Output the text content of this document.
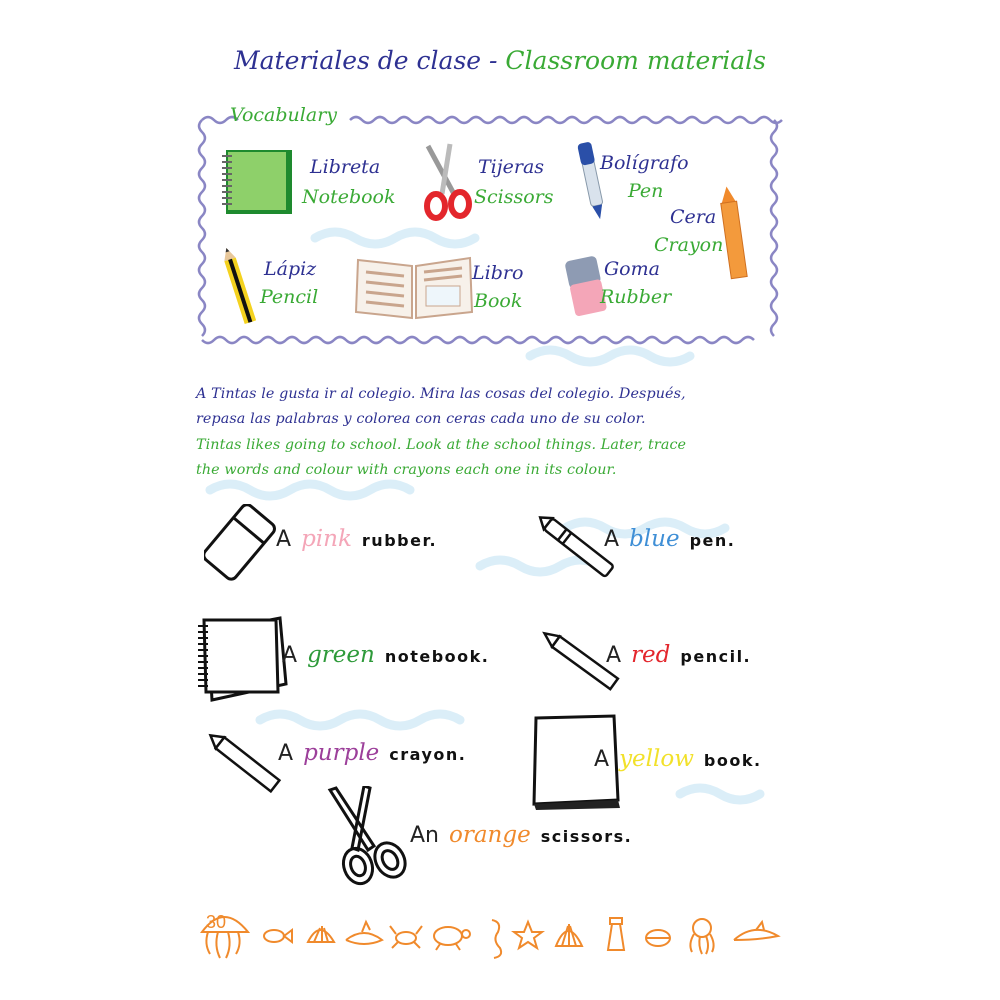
Materiales de clase - Classroom materials
Vocabulary
Libreta
Notebook
Tijeras
Scissors
Bolígrafo
Pen
Cera
Crayon
Lápiz
Pencil
Libro
Book
Goma
Rubber
A Tintas le gusta ir al colegio. Mira las cosas del colegio. Después,
repasa las palabras y colorea con ceras cada uno de su color.
Tintas likes going to school. Look at the school things. Later, trace
the words and colour with crayons each one in its colour.
A pink rubber.	A blue pen.
A green notebook.	A red pencil.
A purple crayon.	A yellow book.
An orange scissors.
30
